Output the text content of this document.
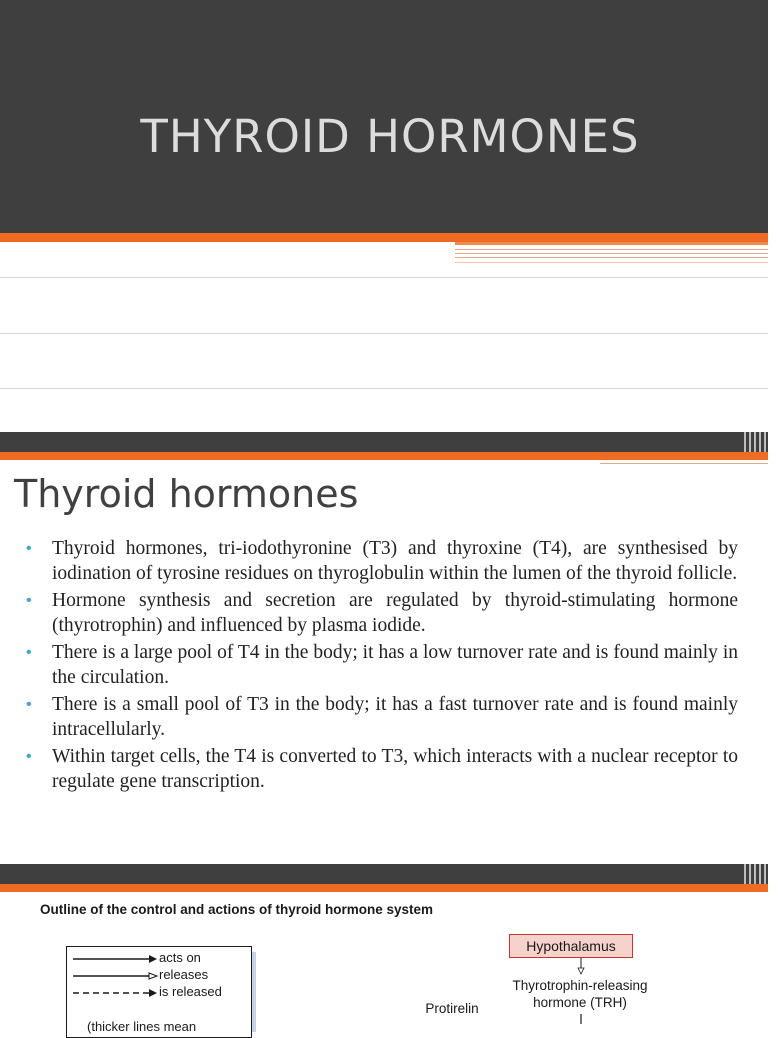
THYROID HORMONES
Thyroid hormones
• Thyroid hormones, tri-iodothyronine (T3) and thyroxine (T4), are synthesised by iodination of tyrosine residues on thyroglobulin within the lumen of the thyroid follicle.
• Hormone synthesis and secretion are regulated by thyroid-stimulating hormone (thyrotrophin) and influenced by plasma iodide.
• There is a large pool of T4 in the body; it has a low turnover rate and is found mainly in the circulation.
• There is a small pool of T3 in the body; it has a fast turnover rate and is found mainly intracellularly.
• Within target cells, the T4 is converted to T3, which interacts with a nuclear receptor to regulate gene transcription.
Outline of the control and actions of thyroid hormone system
acts on
releases
is released
(thicker lines mean
Hypothalamus
Thyrotrophin-releasing
hormone (TRH)
Protirelin
